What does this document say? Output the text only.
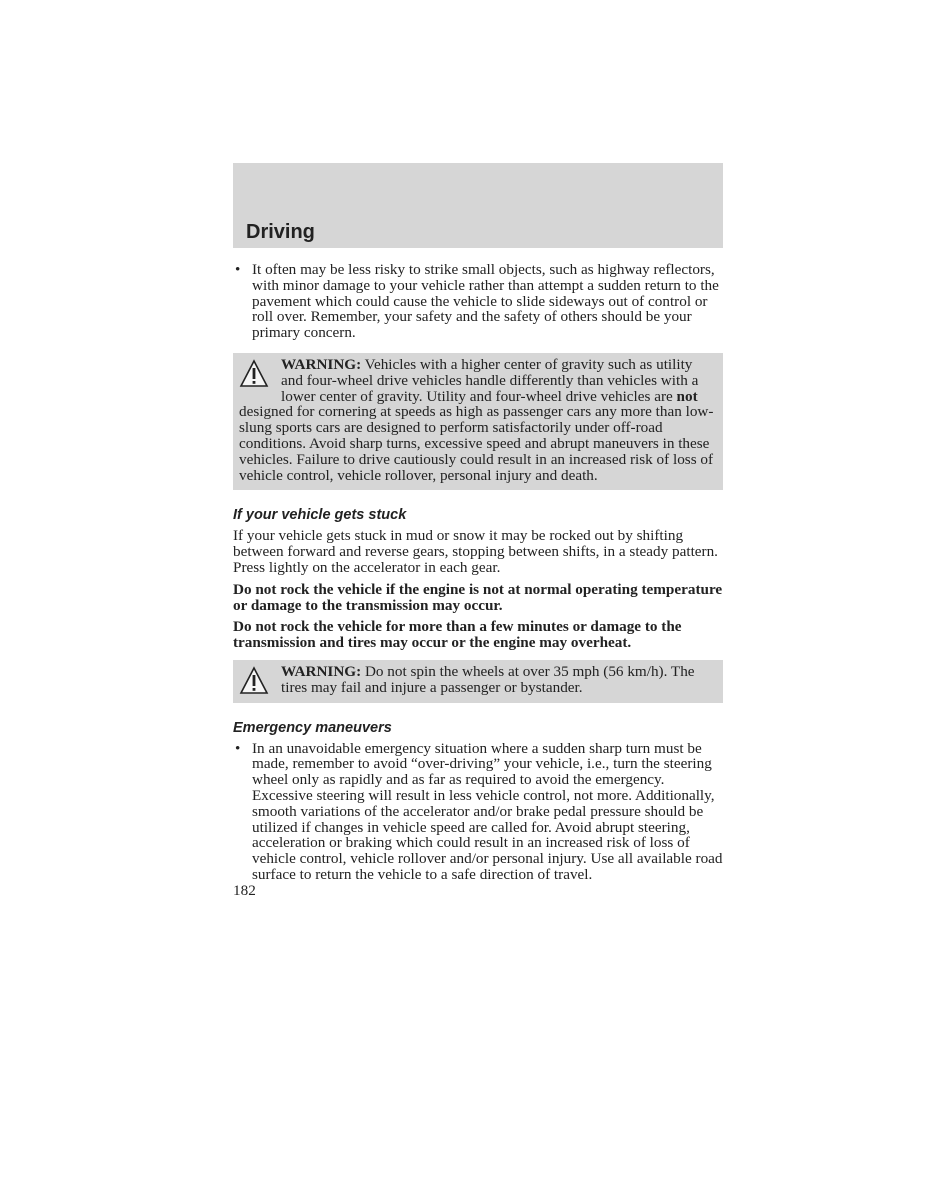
Driving
• It often may be less risky to strike small objects, such as highway reflectors, with minor damage to your vehicle rather than attempt a sudden return to the pavement which could cause the vehicle to slide sideways out of control or roll over. Remember, your safety and the safety of others should be your primary concern.
WARNING: Vehicles with a higher center of gravity such as utility and four-wheel drive vehicles handle differently than vehicles with a lower center of gravity. Utility and four-wheel drive vehicles are not designed for cornering at speeds as high as passenger cars any more than low-slung sports cars are designed to perform satisfactorily under off-road conditions. Avoid sharp turns, excessive speed and abrupt maneuvers in these vehicles. Failure to drive cautiously could result in an increased risk of loss of vehicle control, vehicle rollover, personal injury and death.
If your vehicle gets stuck
If your vehicle gets stuck in mud or snow it may be rocked out by shifting between forward and reverse gears, stopping between shifts, in a steady pattern. Press lightly on the accelerator in each gear.
Do not rock the vehicle if the engine is not at normal operating temperature or damage to the transmission may occur.
Do not rock the vehicle for more than a few minutes or damage to the transmission and tires may occur or the engine may overheat.
WARNING: Do not spin the wheels at over 35 mph (56 km/h). The tires may fail and injure a passenger or bystander.
Emergency maneuvers
• In an unavoidable emergency situation where a sudden sharp turn must be made, remember to avoid “over-driving” your vehicle, i.e., turn the steering wheel only as rapidly and as far as required to avoid the emergency. Excessive steering will result in less vehicle control, not more. Additionally, smooth variations of the accelerator and/or brake pedal pressure should be utilized if changes in vehicle speed are called for. Avoid abrupt steering, acceleration or braking which could result in an increased risk of loss of vehicle control, vehicle rollover and/or personal injury. Use all available road surface to return the vehicle to a safe direction of travel.
182
